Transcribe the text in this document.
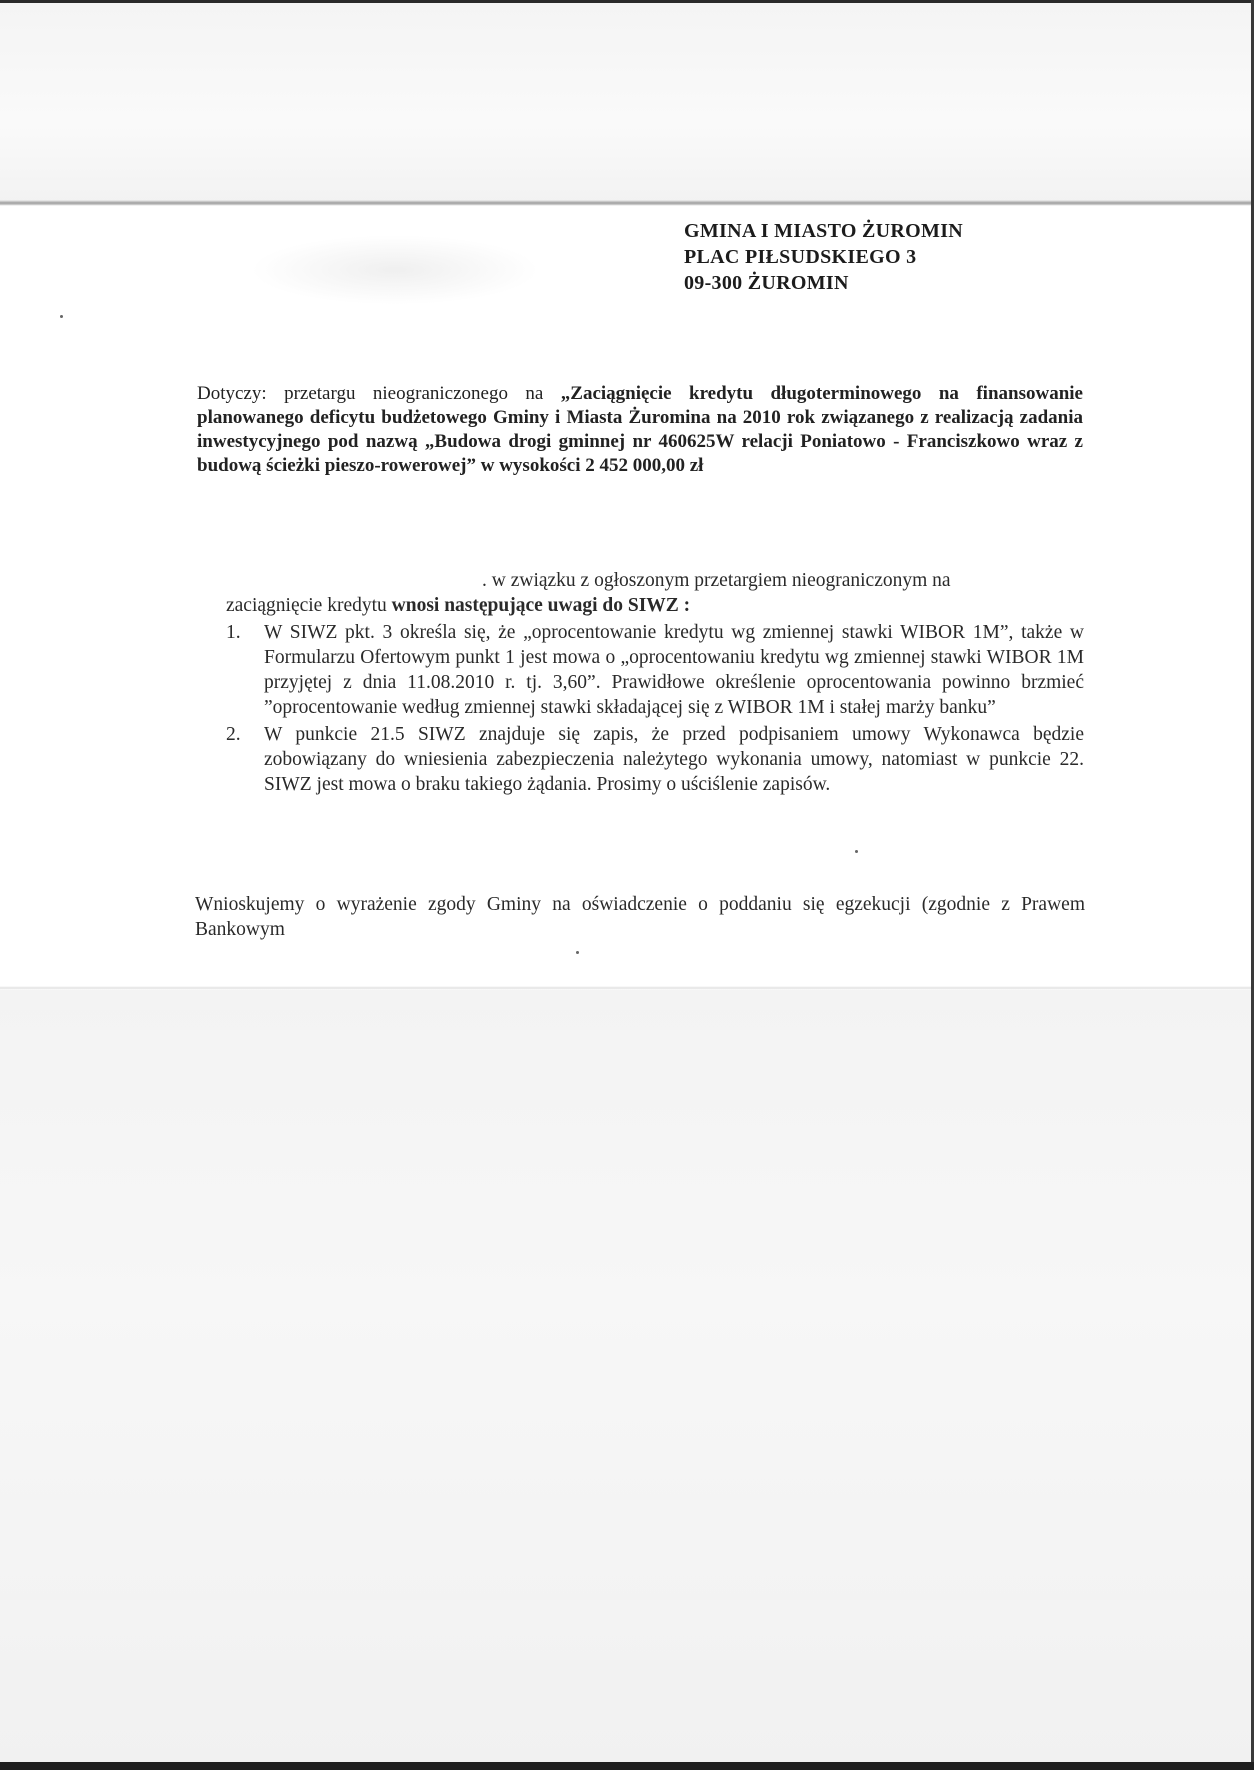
GMINA I MIASTO ŻUROMIN
PLAC PIŁSUDSKIEGO 3
09-300 ŻUROMIN
Dotyczy: przetargu nieograniczonego na „Zaciągnięcie kredytu długoterminowego na finansowanie planowanego deficytu budżetowego Gminy i Miasta Żuromina na 2010 rok związanego z realizacją zadania inwestycyjnego pod nazwą „Budowa drogi gminnej nr 460625W relacji Poniatowo - Franciszkowo wraz z budową ścieżki pieszo-rowerowej” w wysokości 2 452 000,00 zł
. w związku z ogłoszonym przetargiem nieograniczonym na
zaciągnięcie kredytu wnosi następujące uwagi do SIWZ :
1. W SIWZ pkt. 3 określa się, że „oprocentowanie kredytu wg zmiennej stawki WIBOR 1M”, także w Formularzu Ofertowym punkt 1 jest mowa o „oprocentowaniu kredytu wg zmiennej stawki WIBOR 1M przyjętej z dnia 11.08.2010 r. tj. 3,60”. Prawidłowe określenie oprocentowania powinno brzmieć ”oprocentowanie według zmiennej stawki składającej się z WIBOR 1M i stałej marży banku”
2. W punkcie 21.5 SIWZ znajduje się zapis, że przed podpisaniem umowy Wykonawca będzie zobowiązany do wniesienia zabezpieczenia należytego wykonania umowy, natomiast w punkcie 22. SIWZ jest mowa o braku takiego żądania. Prosimy o uściślenie zapisów.
Wnioskujemy o wyrażenie zgody Gminy na oświadczenie o poddaniu się egzekucji (zgodnie z Prawem Bankowym
